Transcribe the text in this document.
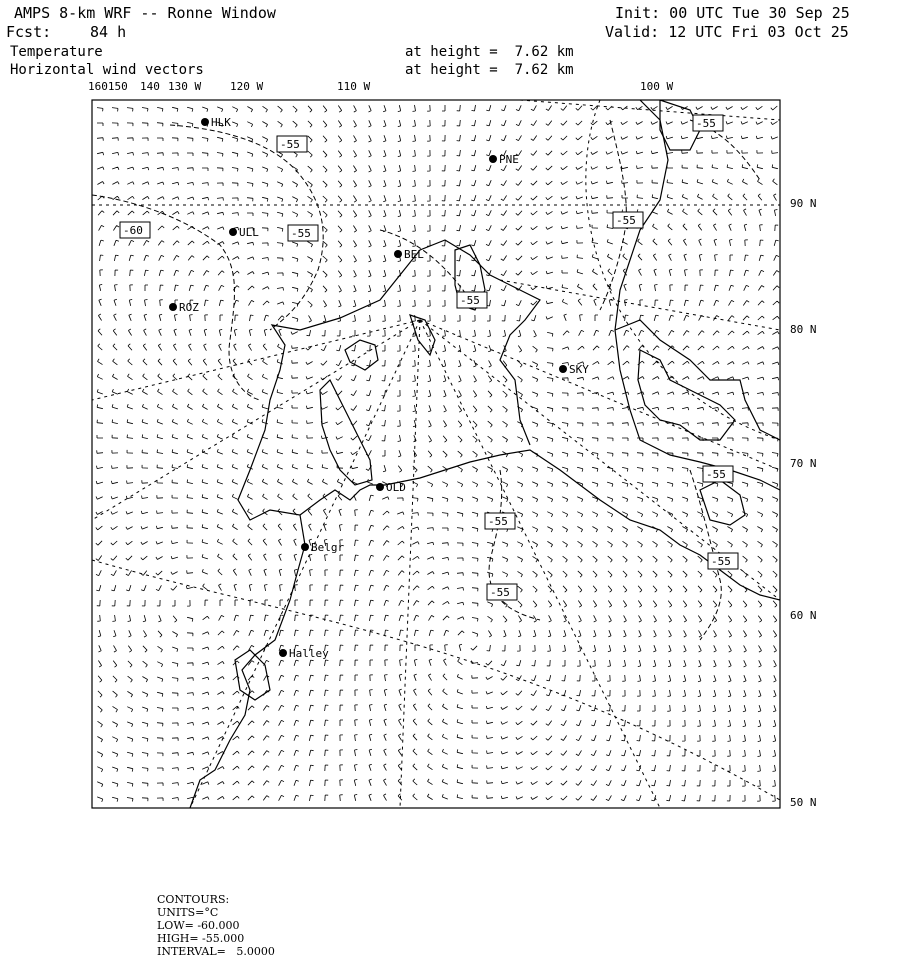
AMPS 8-km WRF -- Ronne Window	Init: 00 UTC Tue 30 Sep 25
Fcst:	84 h	Valid: 12 UTC Fri 03 Oct 25
Temperature	at height =  7.62 km
Horizontal wind vectors	at height =  7.62 km
-55
-55
-55
-55
-60
-55
-55
-55
-55
-55
HLK
PNE
ULL
BEL
ROZ
SKY
OLD
Belgr
Halley
160150 140 130 W	120 W	110 W	100 W
90 N
80 N
70 N
60 N
50 N

CONTOURS:
UNITS=°C
LOW= -60.000
HIGH= -55.000
INTERVAL=   5.0000
